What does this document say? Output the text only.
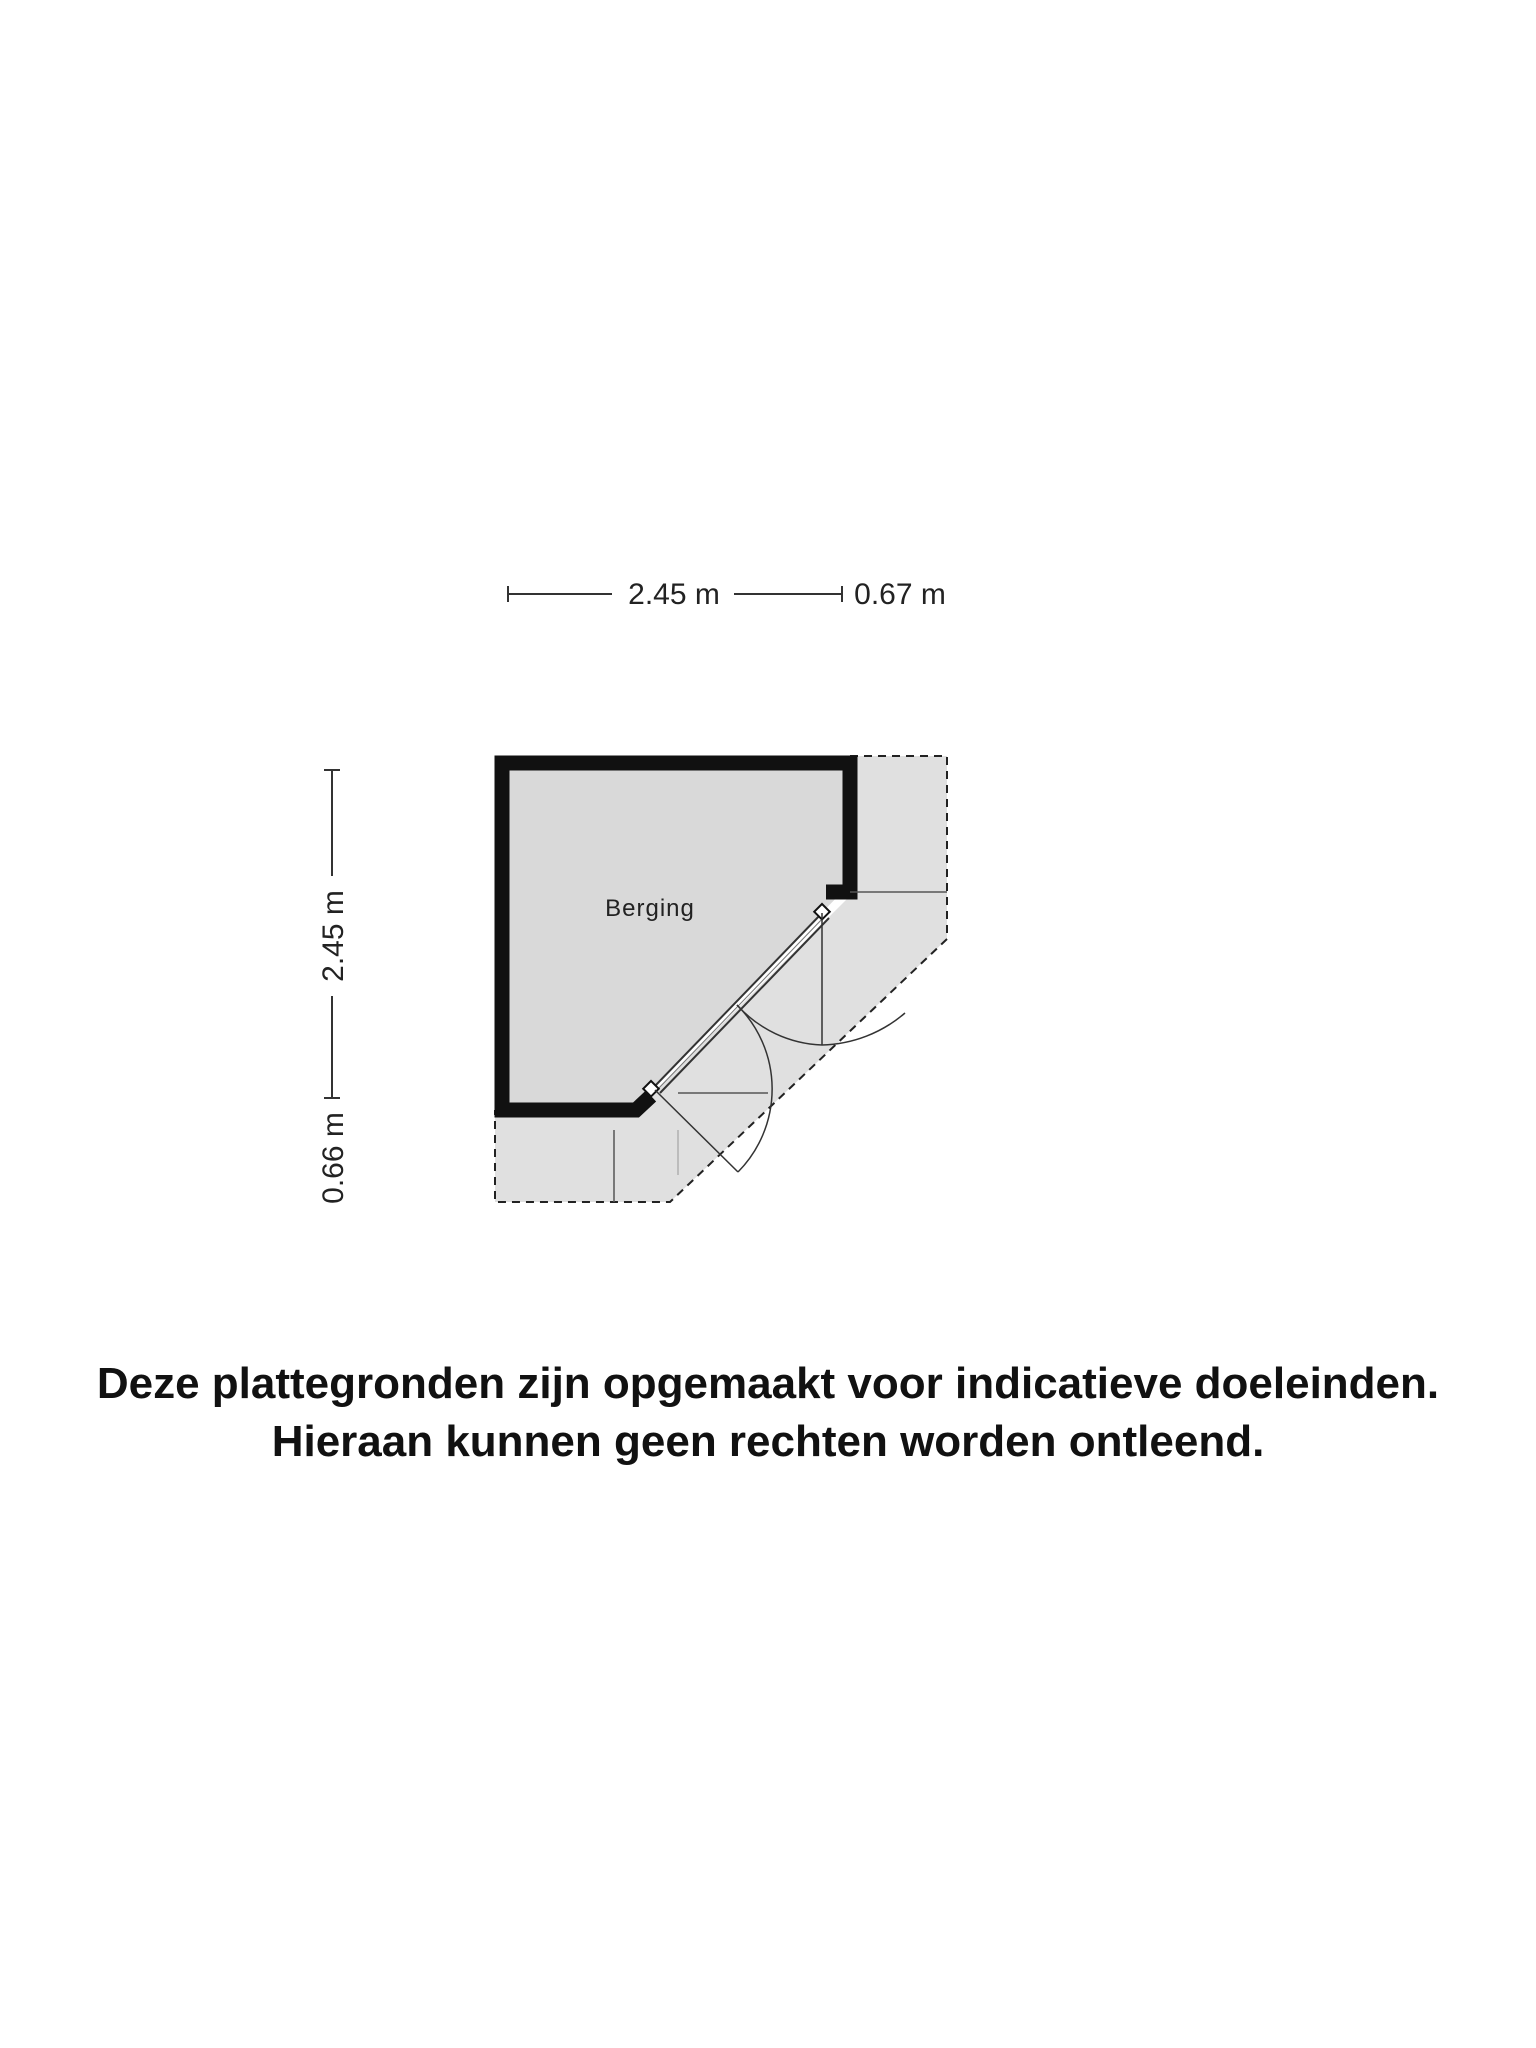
Berging
2.45 m	0.67 m
2.45 m
0.66 m
Deze plattegronden zijn opgemaakt voor indicatieve doeleinden.
Hieraan kunnen geen rechten worden ontleend.
